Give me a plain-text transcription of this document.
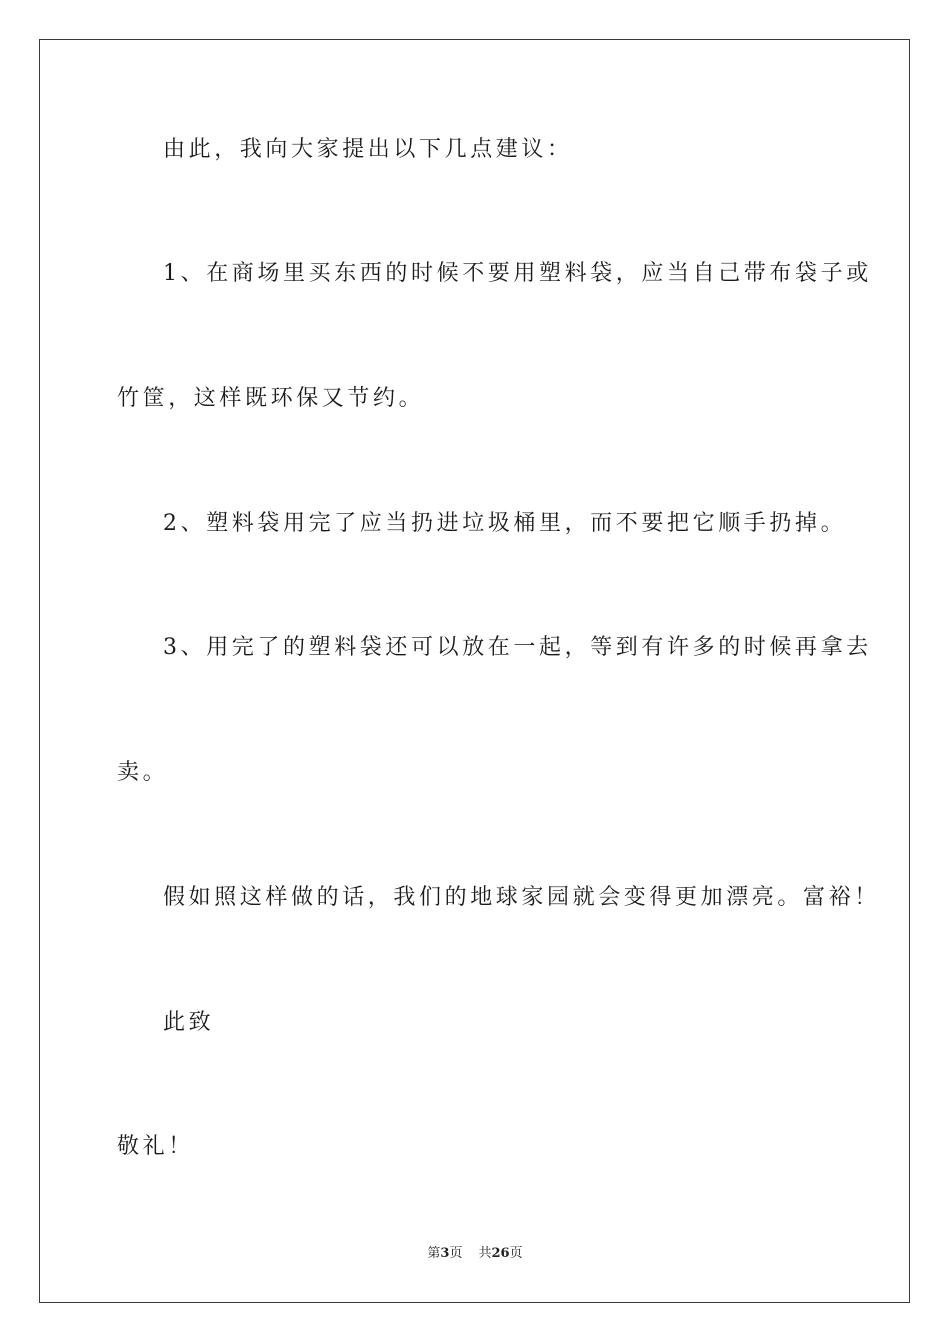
由此，我向大家提出以下几点建议：
1、在商场里买东西的时候不要用塑料袋，应当自己带布袋子或
竹筐，这样既环保又节约。
2、塑料袋用完了应当扔进垃圾桶里，而不要把它顺手扔掉。
3、用完了的塑料袋还可以放在一起，等到有许多的时候再拿去
卖。
假如照这样做的话，我们的地球家园就会变得更加漂亮。富裕！
此致
敬礼！
第3页 共26页
